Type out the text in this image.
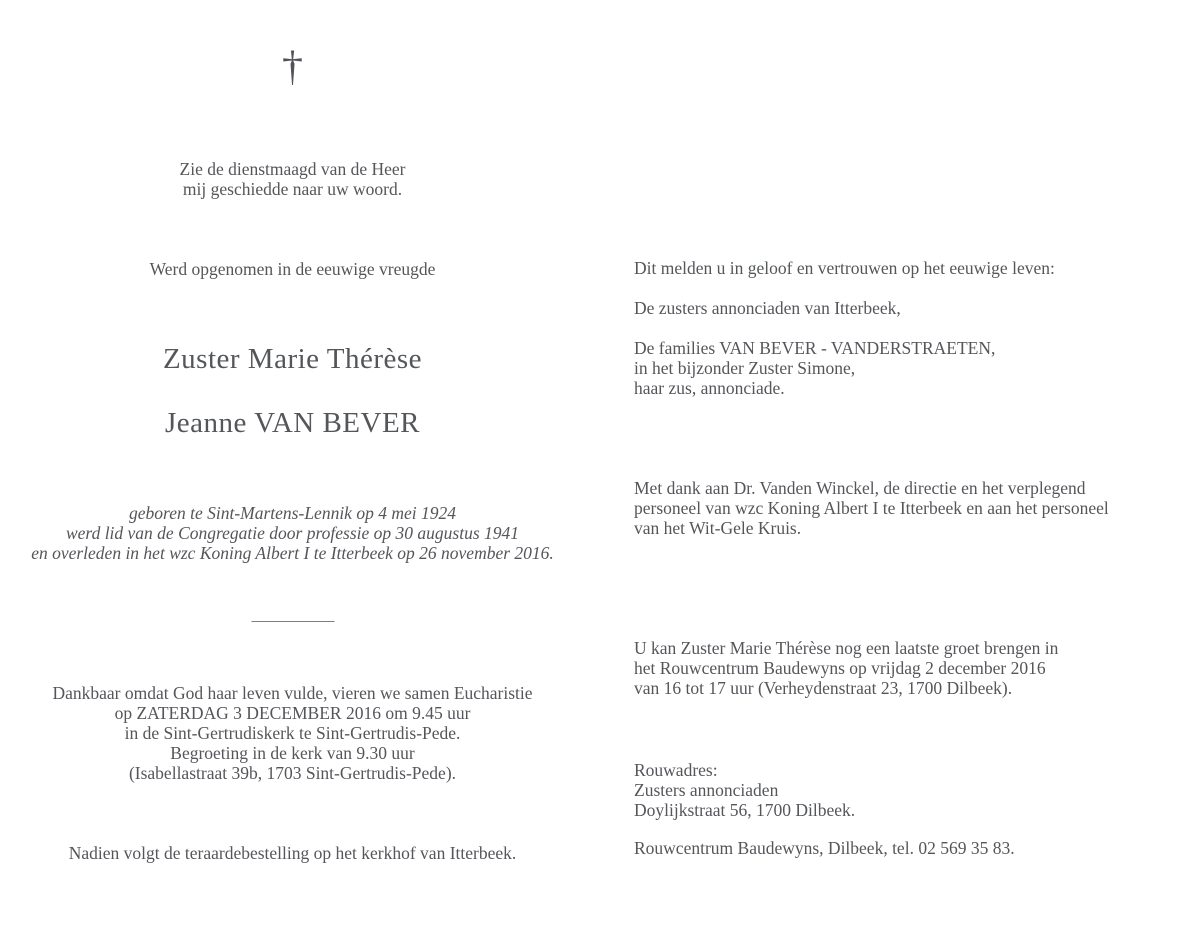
†
Zie de dienstmaagd van de Heer
mij geschiedde naar uw woord.
Werd opgenomen in de eeuwige vreugde
Zuster Marie Thérèse
Jeanne VAN BEVER
geboren te Sint-Martens-Lennik op 4 mei 1924
werd lid van de Congregatie door professie op 30 augustus 1941
en overleden in het wzc Koning Albert I te Itterbeek op 26 november 2016.
Dankbaar omdat God haar leven vulde, vieren we samen Eucharistie
op ZATERDAG 3 DECEMBER 2016 om 9.45 uur
in de Sint-Gertrudiskerk te Sint-Gertrudis-Pede.
Begroeting in de kerk van 9.30 uur
(Isabellastraat 39b, 1703 Sint-Gertrudis-Pede).
Nadien volgt de teraardebestelling op het kerkhof van Itterbeek.
Dit melden u in geloof en vertrouwen op het eeuwige leven:
De zusters annonciaden van Itterbeek,
De families VAN BEVER - VANDERSTRAETEN,
in het bijzonder Zuster Simone,
haar zus, annonciade.
Met dank aan Dr. Vanden Winckel, de directie en het verplegend
personeel van wzc Koning Albert I te Itterbeek en aan het personeel
van het Wit-Gele Kruis.
U kan Zuster Marie Thérèse nog een laatste groet brengen in
het Rouwcentrum Baudewyns op vrijdag 2 december 2016
van 16 tot 17 uur (Verheydenstraat 23, 1700 Dilbeek).
Rouwadres:
Zusters annonciaden
Doylijkstraat 56, 1700 Dilbeek.
Rouwcentrum Baudewyns, Dilbeek, tel. 02 569 35 83.
